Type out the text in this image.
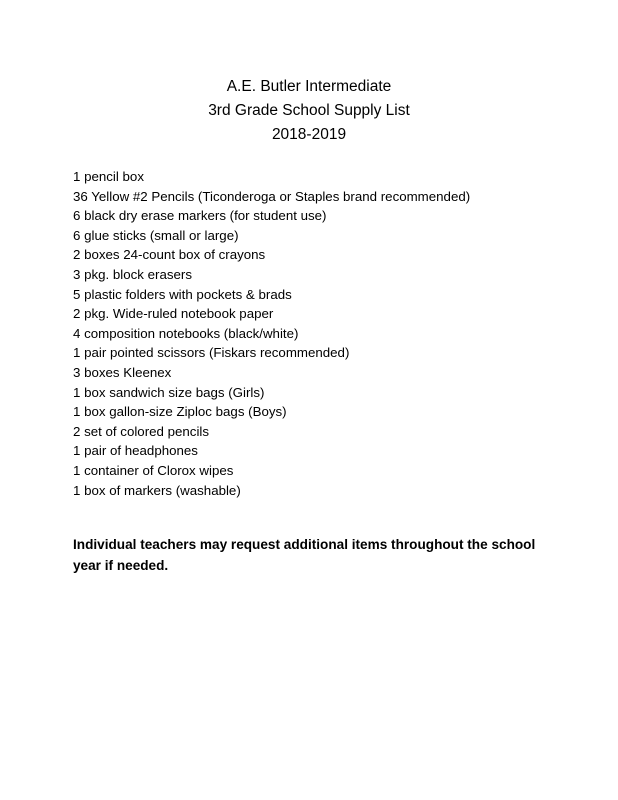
A.E. Butler Intermediate
3rd Grade School Supply List
2018-2019
1 pencil box
36 Yellow #2 Pencils (Ticonderoga or Staples brand recommended)
6 black dry erase markers (for student use)
6 glue sticks (small or large)
2 boxes 24-count box of crayons
3 pkg. block erasers
5 plastic folders with pockets & brads
2 pkg. Wide-ruled notebook paper
4 composition notebooks (black/white)
1 pair pointed scissors (Fiskars recommended)
3 boxes Kleenex
1 box sandwich size bags (Girls)
1 box gallon-size Ziploc bags (Boys)
2 set of colored pencils
1 pair of headphones
1 container of Clorox wipes
1 box of markers (washable)

Individual teachers may request additional items throughout the school year if needed.
